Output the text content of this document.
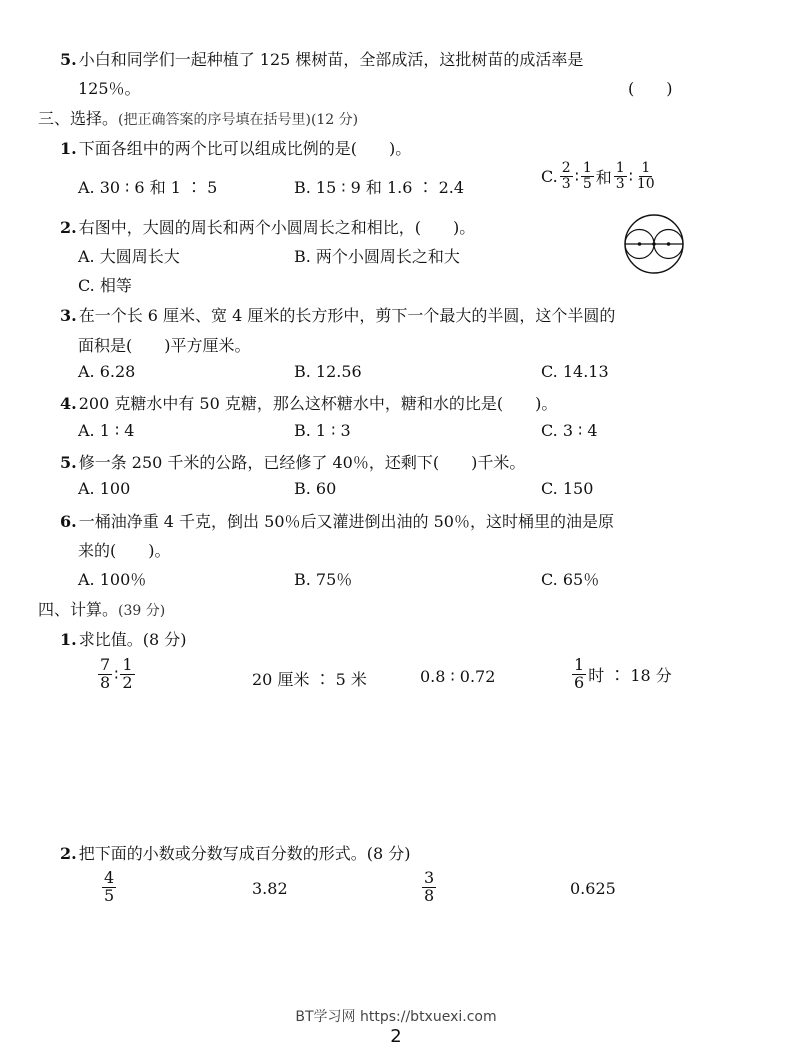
5. 小白和同学们一起种植了 125 棵树苗，全部成活，这批树苗的成活率是
125％。	(　　)
三、选择。(把正确答案的序号填在括号里)(12 分)
1. 下面各组中的两个比可以组成比例的是(　　)。
A. 30 ∶ 6 和 1 ∶ 5	B. 15 ∶ 9 和 1.6 ∶ 2.4
C. $\frac{2}{3}$ ∶ $\frac{1}{5}$ 和 $\frac{1}{3}$ ∶ $\frac{1}{10}$
2. 右图中，大圆的周长和两个小圆周长之和相比，(　　)。
A. 大圆周长大	B. 两个小圆周长之和大
C. 相等
3. 在一个长 6 厘米、宽 4 厘米的长方形中，剪下一个最大的半圆，这个半圆的
面积是(　　)平方厘米。
A. 6.28	B. 12.56	C. 14.13
4. 200 克糖水中有 50 克糖，那么这杯糖水中，糖和水的比是(　　)。
A. 1 ∶ 4	B. 1 ∶ 3	C. 3 ∶ 4
5. 修一条 250 千米的公路，已经修了 40％，还剩下(　　)千米。
A. 100	B. 60	C. 150
6. 一桶油净重 4 千克，倒出 50％后又灌进倒出油的 50％，这时桶里的油是原
来的(　　)。
A. 100％	B. 75％	C. 65％
四、计算。(39 分)
1. 求比值。(8 分)
$\frac{7}{8}$ ∶ $\frac{1}{2}$	20 厘米 ∶ 5 米	0.8 ∶ 0.72	$\frac{1}{6}$ 时 ∶ 18 分
2. 把下面的小数或分数写成百分数的形式。(8 分)
$\frac{4}{5}$	3.82	$\frac{3}{8}$	0.625
BT学习网 https://btxuexi.com
2
